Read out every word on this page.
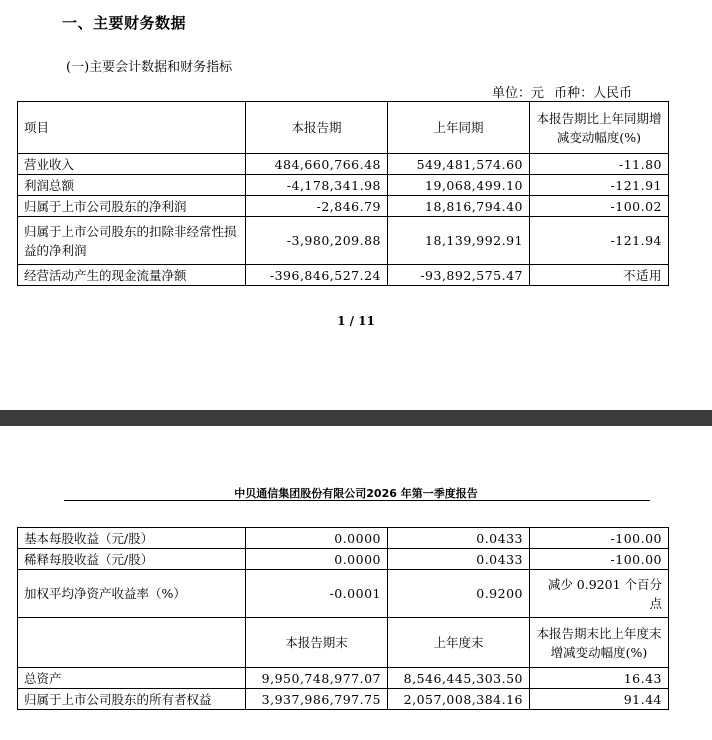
一、主要财务数据
(一)主要会计数据和财务指标
单位：元 币种：人民币
项目	本报告期	上年同期	本报告期比上年同期增减变动幅度(%)
营业收入	484,660,766.48	549,481,574.60	-11.80
利润总额	-4,178,341.98	19,068,499.10	-121.91
归属于上市公司股东的净利润	-2,846.79	18,816,794.40	-100.02
归属于上市公司股东的扣除非经常性损益的净利润	-3,980,209.88	18,139,992.91	-121.94
经营活动产生的现金流量净额	-396,846,527.24	-93,892,575.47	不适用
1 / 11
中贝通信集团股份有限公司2026 年第一季度报告
基本每股收益（元/股）	0.0000	0.0433	-100.00
稀释每股收益（元/股）	0.0000	0.0433	-100.00
加权平均净资产收益率（%）	-0.0001	0.9200	减少 0.9201 个百分点
	本报告期末	上年度末	本报告期末比上年度末增减变动幅度(%)
总资产	9,950,748,977.07	8,546,445,303.50	16.43
归属于上市公司股东的所有者权益	3,937,986,797.75	2,057,008,384.16	91.44
